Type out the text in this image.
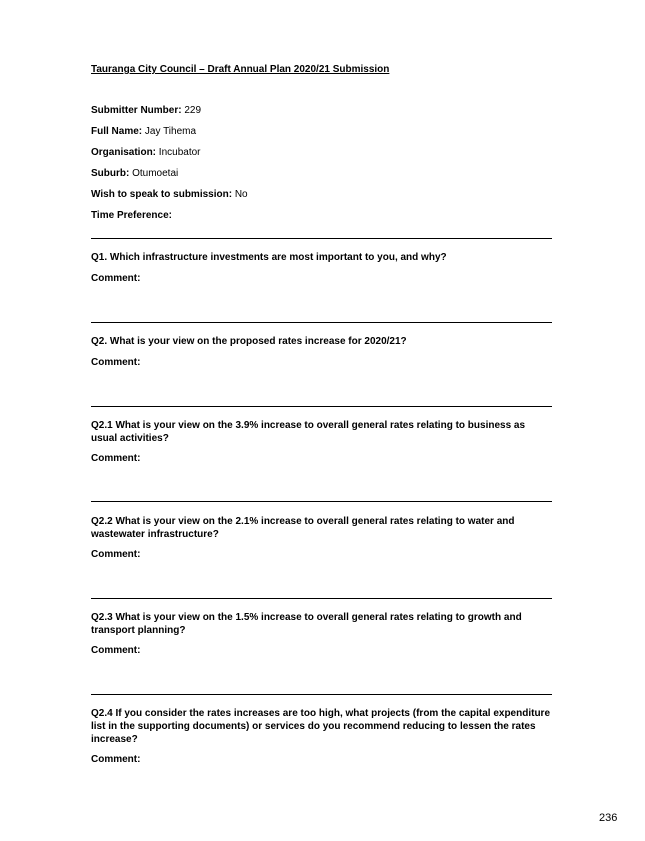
Tauranga City Council – Draft Annual Plan 2020/21 Submission
Submitter Number: 229
Full Name: Jay Tihema
Organisation: Incubator
Suburb: Otumoetai
Wish to speak to submission: No
Time Preference:
Q1. Which infrastructure investments are most important to you, and why?
Comment:
Q2. What is your view on the proposed rates increase for 2020/21?
Comment:
Q2.1 What is your view on the 3.9% increase to overall general rates relating to business as usual activities?
Comment:
Q2.2 What is your view on the 2.1% increase to overall general rates relating to water and wastewater infrastructure?
Comment:
Q2.3 What is your view on the 1.5% increase to overall general rates relating to growth and transport planning?
Comment:
Q2.4 If you consider the rates increases are too high, what projects (from the capital expenditure list in the supporting documents) or services do you recommend reducing to lessen the rates increase?
Comment:
236
